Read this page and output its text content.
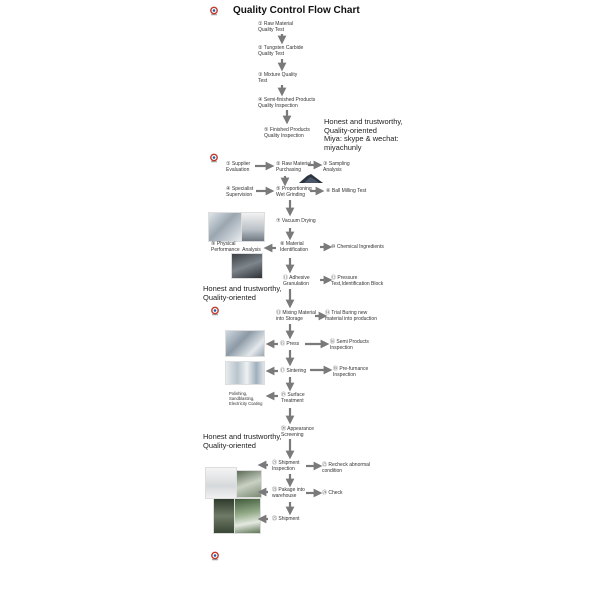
Quality Control Flow Chart
① Raw Material
Quality Test
② Tungsten Carbide
Quality Test
③ Mixture Quality
Test
④ Semi-finished Products
Quality Inspection
⑤ Finished Products
Quality Inspection
Honest and trustworthy,
Quality-oriented
Miya: skype & wechat:
miyachunly
① Supplier
Evaluation
② Raw Material
Purchasing
③ Sampling
Analysis
④ Specialist
Supervision
⑤ Proportioning
Wet Grinding
⑥ Ball Milling Test
⑦ Vacuum Drying
⑨ Physical
Performance  Analysis
⑧ Material
Identification	⑩ Chemical Ingredients
⑪ Adhesive
Granulation
⑫ Pressure
Test,Identification Block
Honest and trustworthy,
Quality-oriented
⑬ Mixing Material
into Storage
⑭ Trial Buring new
material into production
⑮ Press	⑯ Semi Products
Inspection
⑰ Sintering	⑱ Pre-furnance
Inspection
Polishing,
Sandblasting,
Electricity Coating
⑲ Surface
Treatment
⑳ Appearance
Screening
Honest and trustworthy,
Quality-oriented
㉑ Shipment
Inspection
㉒ Recheck abnormal
condition
㉓ Pakage into
warehouse	㉔ Check
㉕ Shipment
